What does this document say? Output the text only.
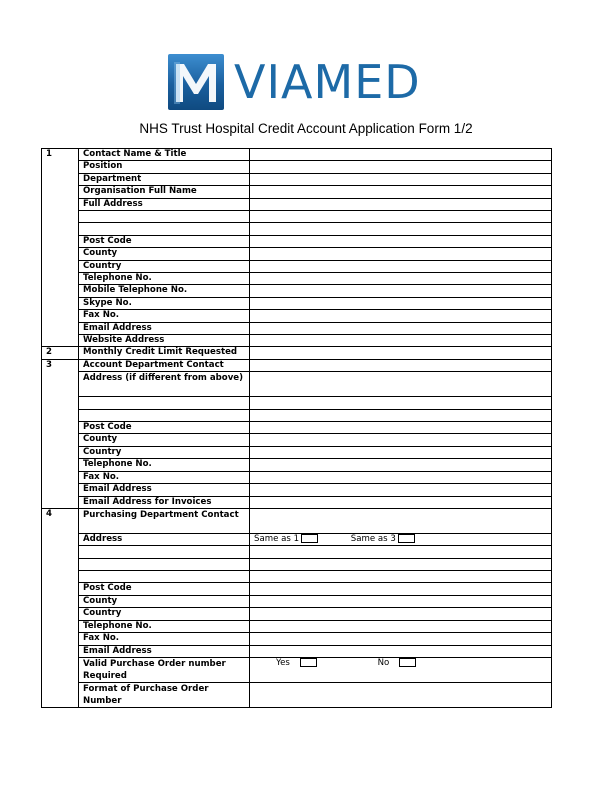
VIAMED
NHS Trust Hospital Credit Account Application Form 1/2
1	Contact Name & Title	
	Position	
	Department	
	Organisation Full Name	
	Full Address	

	Post Code	
	County	
	Country	
	Telephone No.	
	Mobile Telephone No.	
	Skype No.	
	Fax No.	
	Email Address	
	Website Address	
2	Monthly Credit Limit Requested	
3	Account Department Contact	
	Address (if different from above)	

	Post Code	
	County	
	Country	
	Telephone No.	
	Fax No.	
	Email Address	
	Email Address for Invoices	
4	Purchasing Department Contact	
	Address	Same as 1 Same as 3

	Post Code	
	County	
	Country	
	Telephone No.	
	Fax No.	
	Email Address	
	Valid Purchase Order number Required	Yes No
	Format of Purchase Order Number	
